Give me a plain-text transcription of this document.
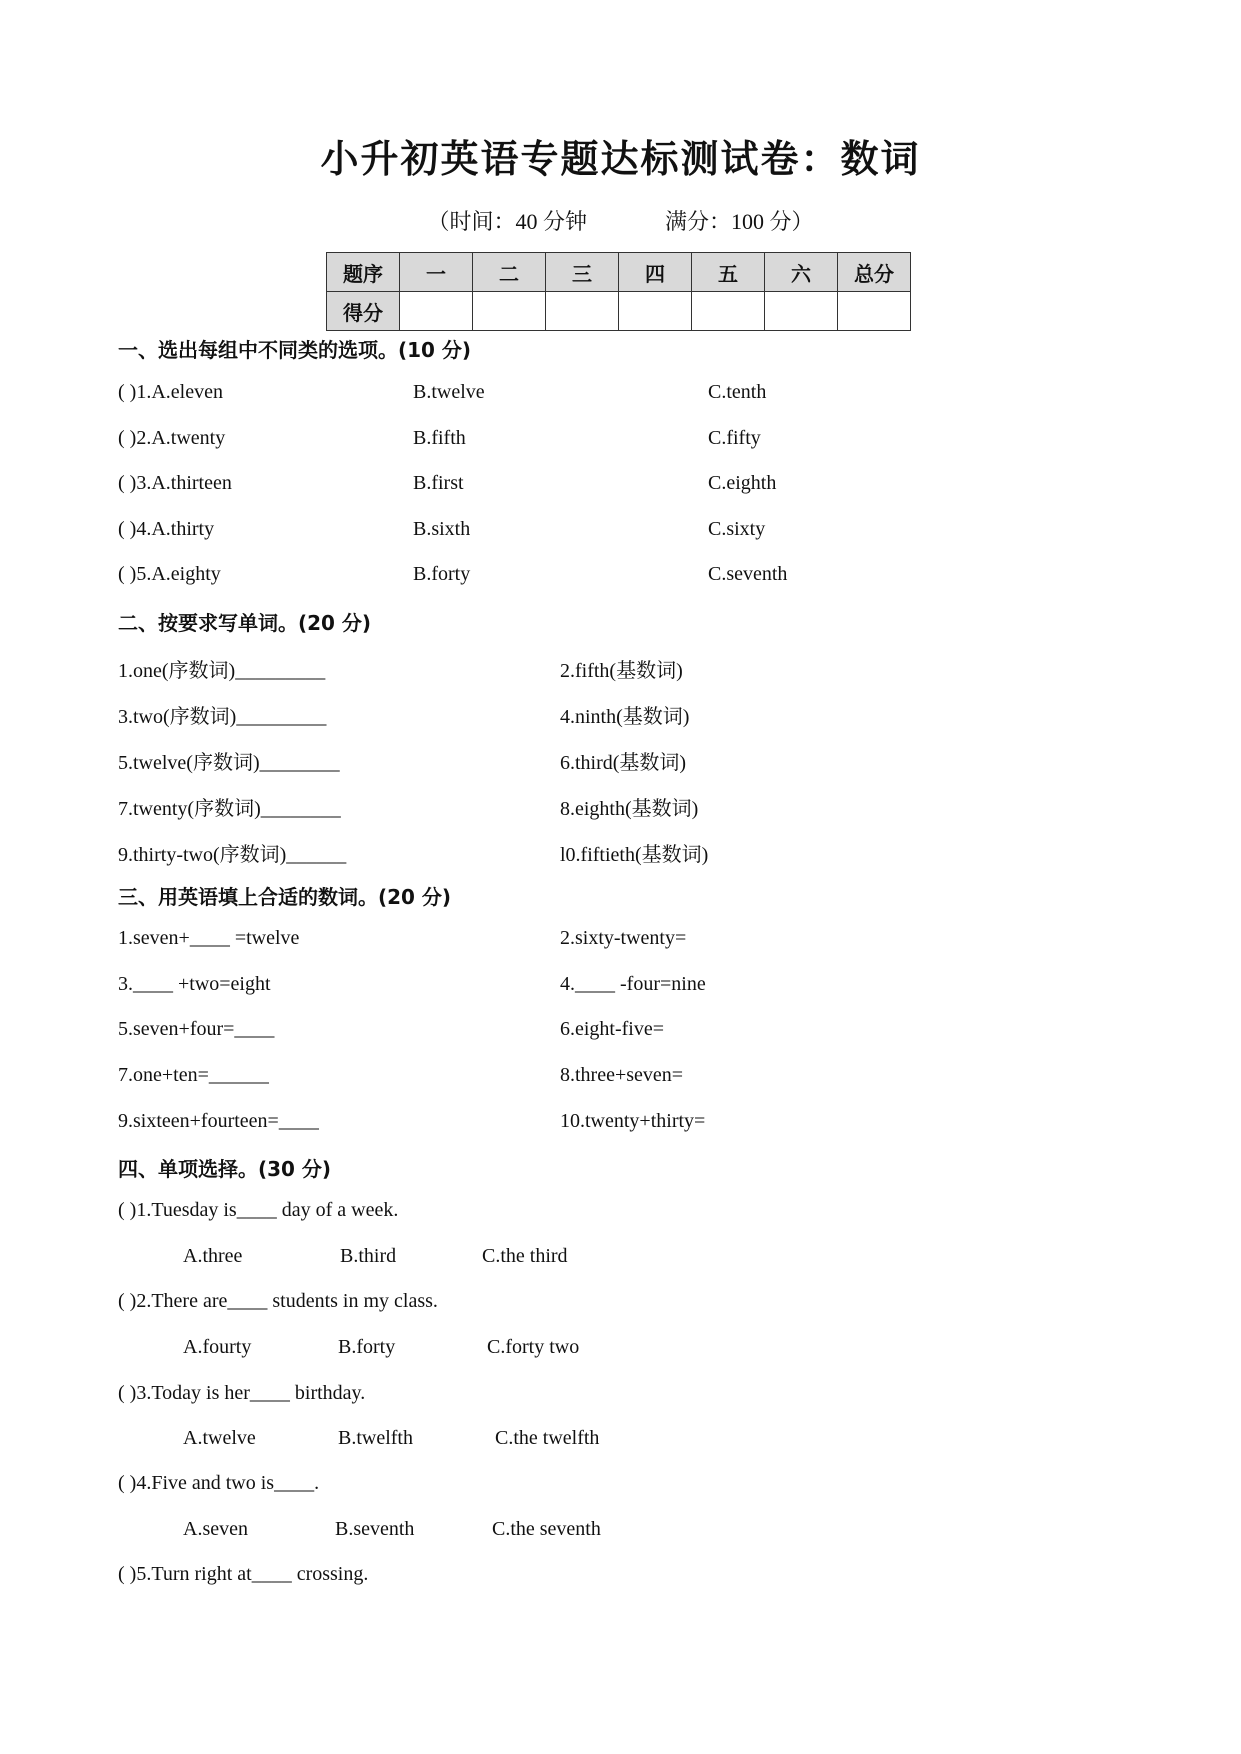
小升初英语专题达标测试卷：数词
（时间：40 分钟	满分：100 分）
题序	一	二	三	四	五	六	总分
得分							
一、选出每组中不同类的选项。(10 分)
( )1.A.eleven	B.twelve	C.tenth
( )2.A.twenty	B.fifth	C.fifty
( )3.A.thirteen	B.first	C.eighth
( )4.A.thirty	B.sixth	C.sixty
( )5.A.eighty	B.forty	C.seventh
二、按要求写单词。(20 分)
1.one(序数词)_________	2.fifth(基数词)
3.two(序数词)_________	4.ninth(基数词)
5.twelve(序数词)________	6.third(基数词)
7.twenty(序数词)________	8.eighth(基数词)
9.thirty-two(序数词)______	l0.fiftieth(基数词)
三、用英语填上合适的数词。(20 分)
1.seven+____ =twelve	2.sixty-twenty=
3.____ +two=eight	4.____ -four=nine
5.seven+four=____	6.eight-five=
7.one+ten=______	8.three+seven=
9.sixteen+fourteen=____	10.twenty+thirty=
四、单项选择。(30 分)
( )1.Tuesday is____ day of a week.
A.three	B.third	C.the third
( )2.There are____ students in my class.
A.fourty	B.forty	C.forty two
( )3.Today is her____ birthday.
A.twelve	B.twelfth	C.the twelfth
( )4.Five and two is____.
A.seven	B.seventh	C.the seventh
( )5.Turn right at____ crossing.
